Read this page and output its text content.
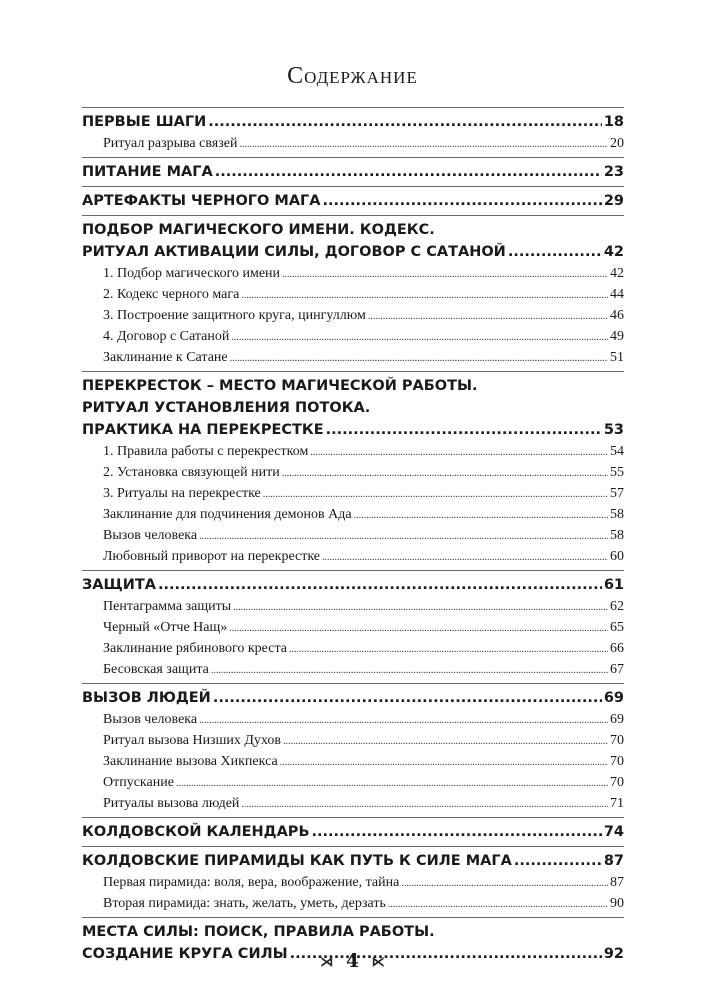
Содержание
ПЕРВЫЕ ШАГИ .....	18
Ритуал разрыва связей .....	20
ПИТАНИЕ МАГА .....	23
АРТЕФАКТЫ ЧЕРНОГО МАГА .....	29
ПОДБОР МАГИЧЕСКОГО ИМЕНИ. КОДЕКС.
РИТУАЛ АКТИВАЦИИ СИЛЫ, ДОГОВОР С САТАНОЙ .....	42
1. Подбор магического имени .....	42
2. Кодекс черного мага .....	44
3. Построение защитного круга, цингуллюм .....	46
4. Договор с Сатаной .....	49
Заклинание к Сатане .....	51
ПЕРЕКРЕСТОК – МЕСТО МАГИЧЕСКОЙ РАБОТЫ.
РИТУАЛ УСТАНОВЛЕНИЯ ПОТОКА.
ПРАКТИКА НА ПЕРЕКРЕСТКЕ .....	53
1. Правила работы с перекрестком .....	54
2. Установка связующей нити .....	55
3. Ритуалы на перекрестке .....	57
Заклинание для подчинения демонов Ада .....	58
Вызов человека .....	58
Любовный приворот на перекрестке .....	60
ЗАЩИТА .....	61
Пентаграмма защиты .....	62
Черный «Отче Нащ» .....	65
Заклинание рябинового креста .....	66
Бесовская защита .....	67
ВЫЗОВ ЛЮДЕЙ .....	69
Вызов человека .....	69
Ритуал вызова Низших Духов .....	70
Заклинание вызова Хикпекса .....	70
Отпускание .....	70
Ритуалы вызова людей .....	71
КОЛДОВСКОЙ КАЛЕНДАРЬ .....	74
КОЛДОВСКИЕ ПИРАМИДЫ КАК ПУТЬ К СИЛЕ МАГА .....	87
Первая пирамида: воля, вера, воображение, тайна .....	87
Вторая пирамида: знать, желать, уметь, дерзать .....	90
МЕСТА СИЛЫ: ПОИСК, ПРАВИЛА РАБОТЫ.
СОЗДАНИЕ КРУГА СИЛЫ .....	92
⋊ 4 ⋉
